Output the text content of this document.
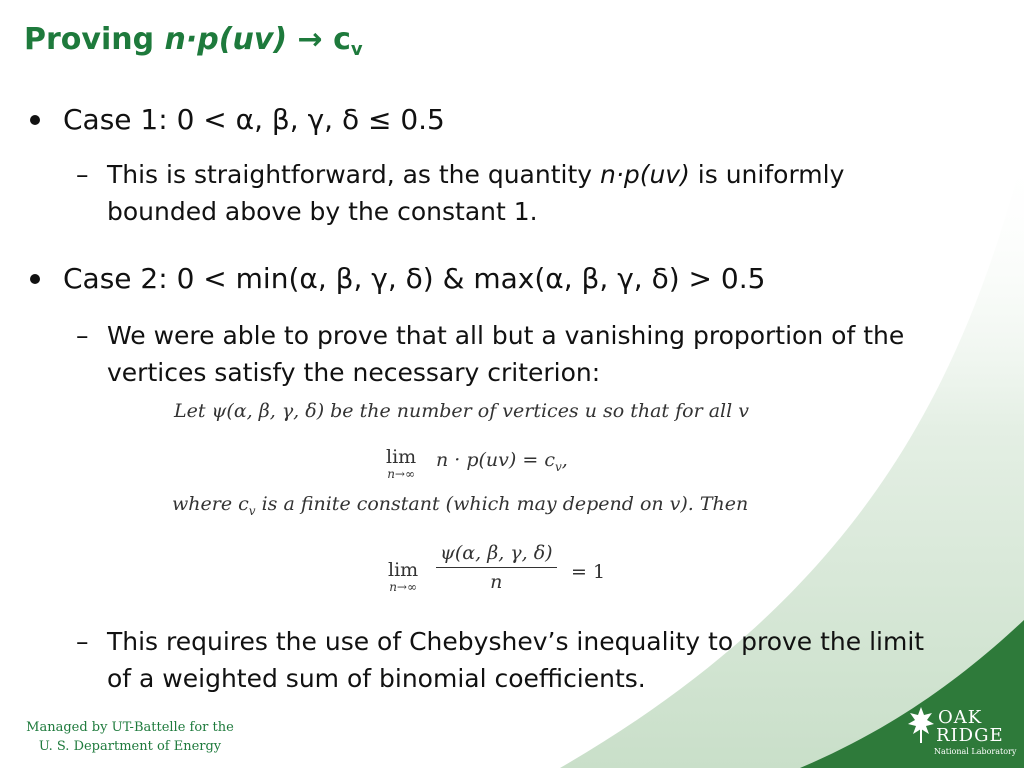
Proving $n\cdot p(uv) \to c_v$
Case 1: 0 < α, β, γ, δ ≤ 0.5
– This is straightforward, as the quantity n·p(uv) is uniformly bounded above by the constant 1.
Case 2: 0 < min(α, β, γ, δ) & max(α, β, γ, δ) > 0.5
– We were able to prove that all but a vanishing proportion of the vertices satisfy the necessary criterion:
Let ψ(α, β, γ, δ) be the number of vertices u so that for all v
lim
n→∞
$n \cdot p(uv) = c_v$,
where $c_v$ is a finite constant (which may depend on v). Then
lim
$n\to\infty \frac{\psi(\alpha, \beta, \gamma, \delta)}{n} = 1$
– This requires the use of Chebyshev’s inequality to prove the limit of a weighted sum of binomial coefficients.
Managed by UT-Battelle for the
U. S. Department of Energy
OAK
RIDGE
National Laboratory
